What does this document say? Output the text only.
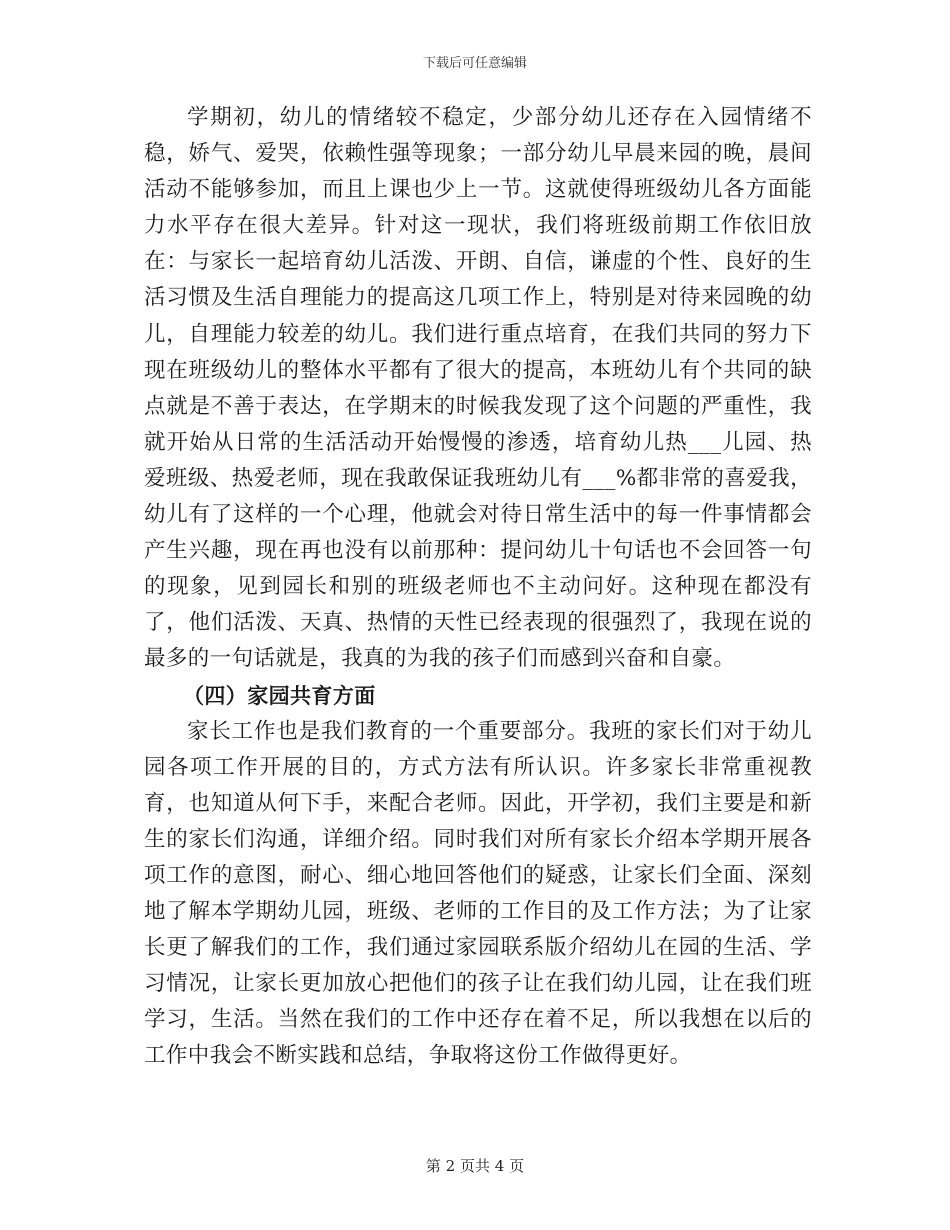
下载后可任意编辑

学期初，幼儿的情绪较不稳定，少部分幼儿还存在入园情绪不稳，娇气、爱哭，依赖性强等现象；一部分幼儿早晨来园的晚，晨间活动不能够参加，而且上课也少上一节。这就使得班级幼儿各方面能力水平存在很大差异。针对这一现状，我们将班级前期工作依旧放在：与家长一起培育幼儿活泼、开朗、自信，谦虚的个性、良好的生活习惯及生活自理能力的提高这几项工作上，特别是对待来园晚的幼儿，自理能力较差的幼儿。我们进行重点培育，在我们共同的努力下现在班级幼儿的整体水平都有了很大的提高，本班幼儿有个共同的缺点就是不善于表达，在学期末的时候我发现了这个问题的严重性，我就开始从日常的生活活动开始慢慢的渗透，培育幼儿热___儿园、热爱班级、热爱老师，现在我敢保证我班幼儿有___%都非常的喜爱我，幼儿有了这样的一个心理，他就会对待日常生活中的每一件事情都会产生兴趣，现在再也没有以前那种：提问幼儿十句话也不会回答一句的现象，见到园长和别的班级老师也不主动问好。这种现在都没有了，他们活泼、天真、热情的天性已经表现的很强烈了，我现在说的最多的一句话就是，我真的为我的孩子们而感到兴奋和自豪。

（四）家园共育方面

家长工作也是我们教育的一个重要部分。我班的家长们对于幼儿园各项工作开展的目的，方式方法有所认识。许多家长非常重视教育，也知道从何下手，来配合老师。因此，开学初，我们主要是和新生的家长们沟通，详细介绍。同时我们对所有家长介绍本学期开展各项工作的意图，耐心、细心地回答他们的疑惑，让家长们全面、深刻地了解本学期幼儿园，班级、老师的工作目的及工作方法；为了让家长更了解我们的工作，我们通过家园联系版介绍幼儿在园的生活、学习情况，让家长更加放心把他们的孩子让在我们幼儿园，让在我们班学习，生活。当然在我们的工作中还存在着不足，所以我想在以后的工作中我会不断实践和总结，争取将这份工作做得更好。

第 2 页共 4 页
